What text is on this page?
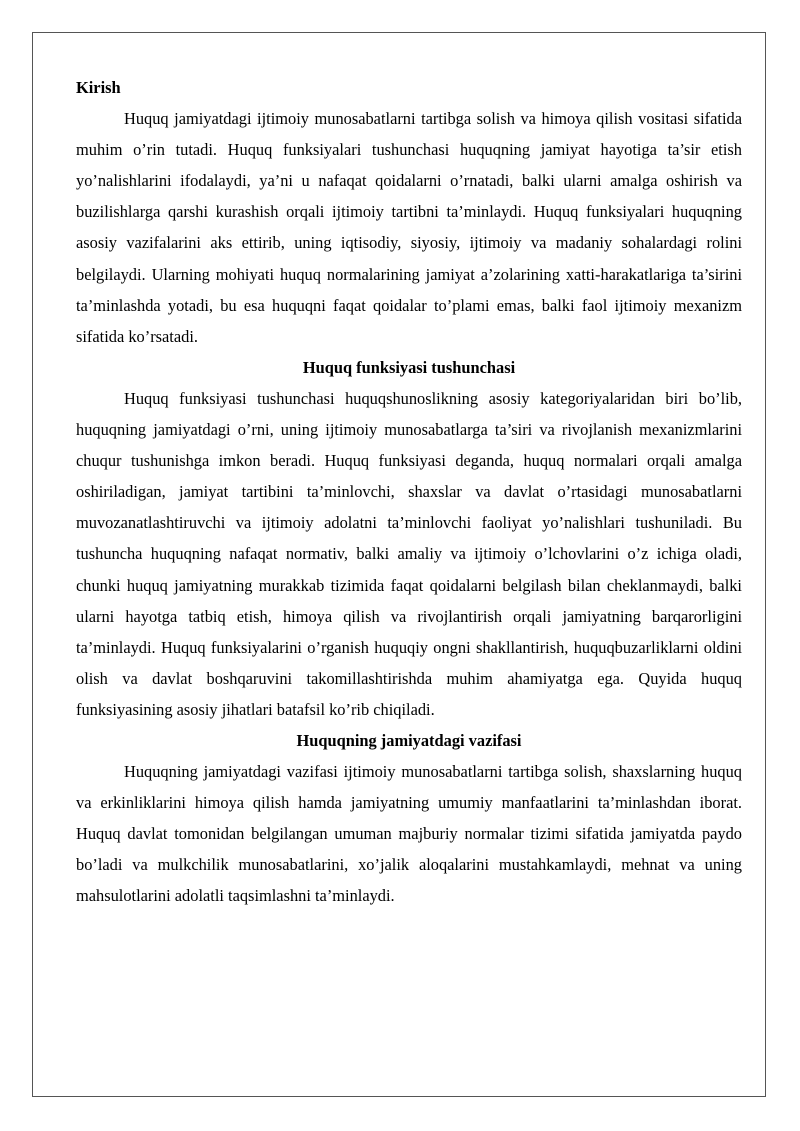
Kirish

Huquq jamiyatdagi ijtimoiy munosabatlarni tartibga solish va himoya qilish vositasi sifatida muhim o’rin tutadi. Huquq funksiyalari tushunchasi huquqning jamiyat hayotiga ta’sir etish yo’nalishlarini ifodalaydi, ya’ni u nafaqat qoidalarni o’rnatadi, balki ularni amalga oshirish va buzilishlarga qarshi kurashish orqali ijtimoiy tartibni ta’minlaydi. Huquq funksiyalari huquqning asosiy vazifalarini aks ettirib, uning iqtisodiy, siyosiy, ijtimoiy va madaniy sohalardagi rolini belgilaydi. Ularning mohiyati huquq normalarining jamiyat a’zolarining xatti-harakatlariga ta’sirini ta’minlashda yotadi, bu esa huquqni faqat qoidalar to’plami emas, balki faol ijtimoiy mexanizm sifatida ko’rsatadi.

Huquq funksiyasi tushunchasi

Huquq funksiyasi tushunchasi huquqshunoslikning asosiy kategoriyalaridan biri bo’lib, huquqning jamiyatdagi o’rni, uning ijtimoiy munosabatlarga ta’siri va rivojlanish mexanizmlarini chuqur tushunishga imkon beradi. Huquq funksiyasi deganda, huquq normalari orqali amalga oshiriladigan, jamiyat tartibini ta’minlovchi, shaxslar va davlat o’rtasidagi munosabatlarni muvozanatlashtiruvchi va ijtimoiy adolatni ta’minlovchi faoliyat yo’nalishlari tushuniladi. Bu tushuncha huquqning nafaqat normativ, balki amaliy va ijtimoiy o’lchovlarini o’z ichiga oladi, chunki huquq jamiyatning murakkab tizimida faqat qoidalarni belgilash bilan cheklanmaydi, balki ularni hayotga tatbiq etish, himoya qilish va rivojlantirish orqali jamiyatning barqarorligini ta’minlaydi. Huquq funksiyalarini o’rganish huquqiy ongni shakllantirish, huquqbuzarliklarni oldini olish va davlat boshqaruvini takomillashtirishda muhim ahamiyatga ega. Quyida huquq funksiyasining asosiy jihatlari batafsil ko’rib chiqiladi.

Huquqning jamiyatdagi vazifasi

Huquqning jamiyatdagi vazifasi ijtimoiy munosabatlarni tartibga solish, shaxslarning huquq va erkinliklarini himoya qilish hamda jamiyatning umumiy manfaatlarini ta’minlashdan iborat. Huquq davlat tomonidan belgilangan umuman majburiy normalar tizimi sifatida jamiyatda paydo bo’ladi va mulkchilik munosabatlarini, xo’jalik aloqalarini mustahkamlaydi, mehnat va uning mahsulotlarini adolatli taqsimlashni ta’minlaydi.
